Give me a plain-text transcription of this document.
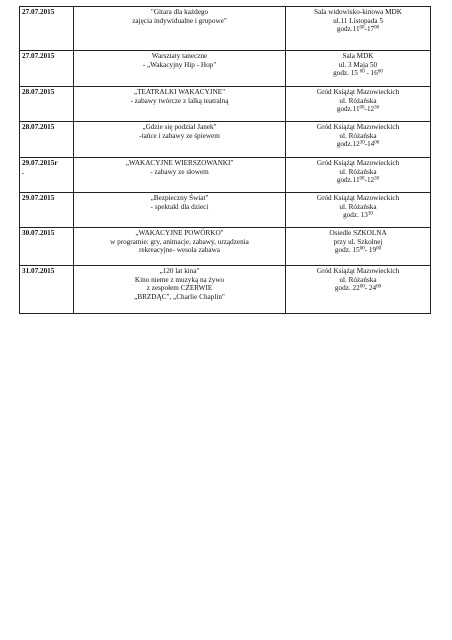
27.07.2015	"Gitara dla każdego
zajęcia indywidualne i grupowe"	Sala widowisko-kinowa MDK
ul.11 Listopada 5
$godz.11^{00}-17^{00}$

27.07.2015	Warsztaty taneczne
- „Wakacyjny Hip - Hop"	Sala MDK
ul. 3 Maja 50
godz. 15 $^{00} - 16^{00}$

28.07.2015	„TEATRALKI WAKACYJNE"
- zabawy twórcze z lalką teatralną	Gród Książąt Mazowieckich
ul. Różańska
$godz.11^{00}-12^{30}$

28.07.2015	„Gdzie się podział Janek"
-tańce i zabawy ze śpiewem	Gród Książąt Mazowieckich
ul. Różańska
$godz.12^{30}-14^{00}$

29.07.2015r
.	„WAKACYJNE WIERSZOWANKI"
- zabawy ze słowem	Gród Książąt Mazowieckich
ul. Różańska
$godz.11^{00}-12^{30}$

29.07.2015	„Bezpieczny Świat"
- spektakl dla dzieci	Gród Książąt Mazowieckich
ul. Różańska
godz. $13^{30}$

30.07.2015	„WAKACYJNE POWÓRKO"
w programie: gry, animacje, zabawy, urządzenia
rekreacyjne- wesoła zabawa	Osiedle SZKOLNA
przy ul. Szkolnej
godz. $15^{00}-$ $19^{00}$

31.07.2015	„120 lat kina"
Kino nieme z muzyką na żywo
z zespołem CZERWIE
„BRZDĄC", „Charlie Chaplin"	Gród Książąt Mazowieckich
ul. Różańska
godz. $22^{00}-$ $24^{00}$
